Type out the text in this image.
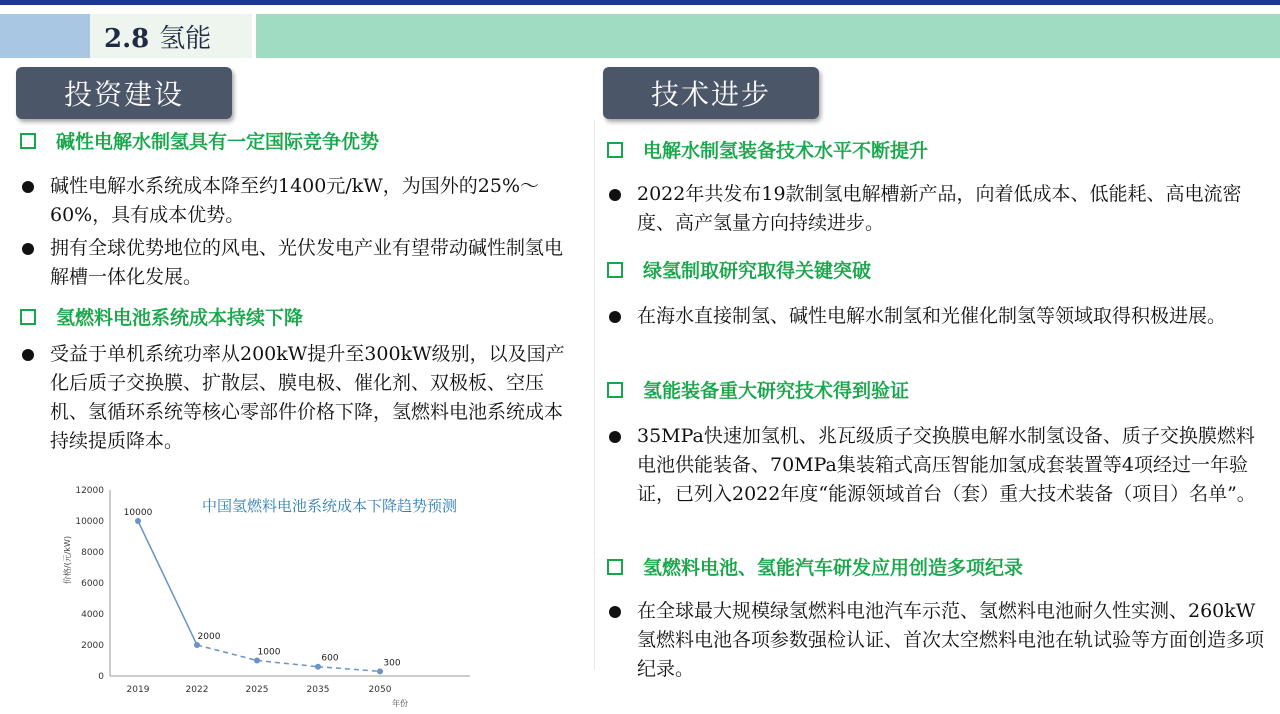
2.8 氢能
投资建设	技术进步
碱性电解水制氢具有一定国际竞争优势
碱性电解水系统成本降至约1400元/kW，为国外的25%～60%，具有成本优势。
拥有全球优势地位的风电、光伏发电产业有望带动碱性制氢电解槽一体化发展。
氢燃料电池系统成本持续下降
受益于单机系统功率从200kW提升至300kW级别，以及国产化后质子交换膜、扩散层、膜电极、催化剂、双极板、空压机、氢循环系统等核心零部件价格下降，氢燃料电池系统成本持续提质降本。
中国氢燃料电池系统成本下降趋势预测
价格/(元/kW)
年份
0
2000
4000
6000
8000
10000
12000
2019	2022	2025	2035	2050
10000
2000
1000
600	300
电解水制氢装备技术水平不断提升
2022年共发布19款制氢电解槽新产品，向着低成本、低能耗、高电流密度、高产氢量方向持续进步。
绿氢制取研究取得关键突破
在海水直接制氢、碱性电解水制氢和光催化制氢等领域取得积极进展。
氢能装备重大研究技术得到验证
35MPa快速加氢机、兆瓦级质子交换膜电解水制氢设备、质子交换膜燃料电池供能装备、70MPa集装箱式高压智能加氢成套装置等4项经过一年验证，已列入2022年度“能源领域首台（套）重大技术装备（项目）名单”。
氢燃料电池、氢能汽车研发应用创造多项纪录
在全球最大规模绿氢燃料电池汽车示范、氢燃料电池耐久性实测、260kW氢燃料电池各项参数强检认证、首次太空燃料电池在轨试验等方面创造多项纪录。
